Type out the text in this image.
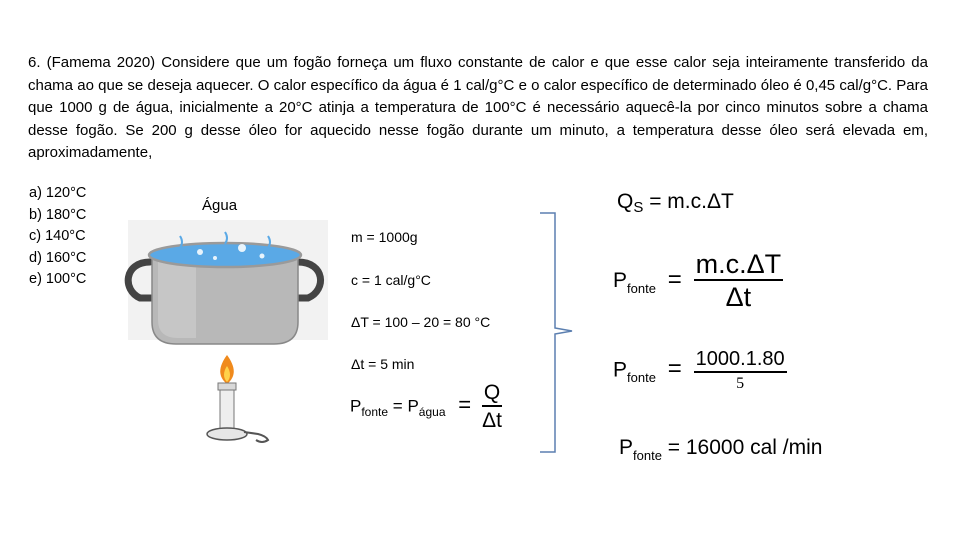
6. (Famema 2020) Considere que um fogão forneça um fluxo constante de calor e que esse calor seja inteiramente transferido da chama ao que se deseja aquecer. O calor específico da água é 1 cal/g°C e o calor específico de determinado óleo é 0,45 cal/g°C. Para que 1000 g de água, inicialmente a 20°C atinja a temperatura de 100°C é necessário aquecê-la por cinco minutos sobre a chama desse fogão. Se 200 g desse óleo for aquecido nesse fogão durante um minuto, a temperatura desse óleo será elevada em, aproximadamente,
a) 120°C
b) 180°C
c) 140°C
d) 160°C
e) 100°C
Água
m = 1000g
c = 1 cal/g°C
ΔT = 100 – 20 = 80 °C
Δt = 5 min
$P_{fonte} = P_{água} = \frac{Q}{\Delta t}$
QS = m.c.ΔT
$P_{fonte} = \frac{m.c.\Delta T}{\Delta t}$
$P_{fonte} = \frac{1000.1.80}{5}$
$P_{fonte} = 16000$ cal /min
